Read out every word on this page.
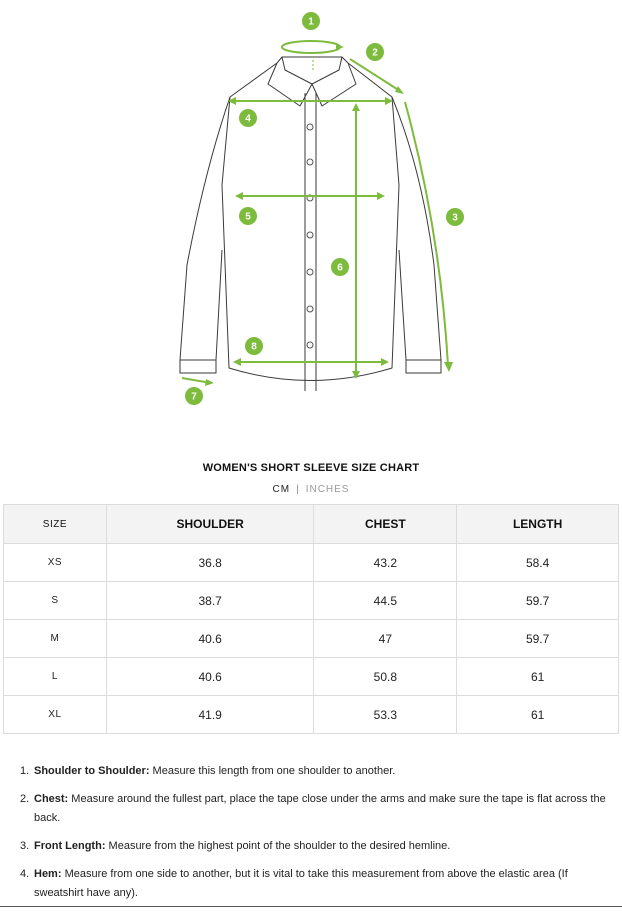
1
2
3
4
5
6
7
8
WOMEN'S SHORT SLEEVE SIZE CHART
CM | INCHES
SIZE	SHOULDER	CHEST	LENGTH
XS	36.8	43.2	58.4
S	38.7	44.5	59.7
M	40.6	47	59.7
L	40.6	50.8	61
XL	41.9	53.3	61
1. Shoulder to Shoulder: Measure this length from one shoulder to another.
2. Chest: Measure around the fullest part, place the tape close under the arms and make sure the tape is flat across the back.
3. Front Length: Measure from the highest point of the shoulder to the desired hemline.
4. Hem: Measure from one side to another, but it is vital to take this measurement from above the elastic area (If sweatshirt have any).
